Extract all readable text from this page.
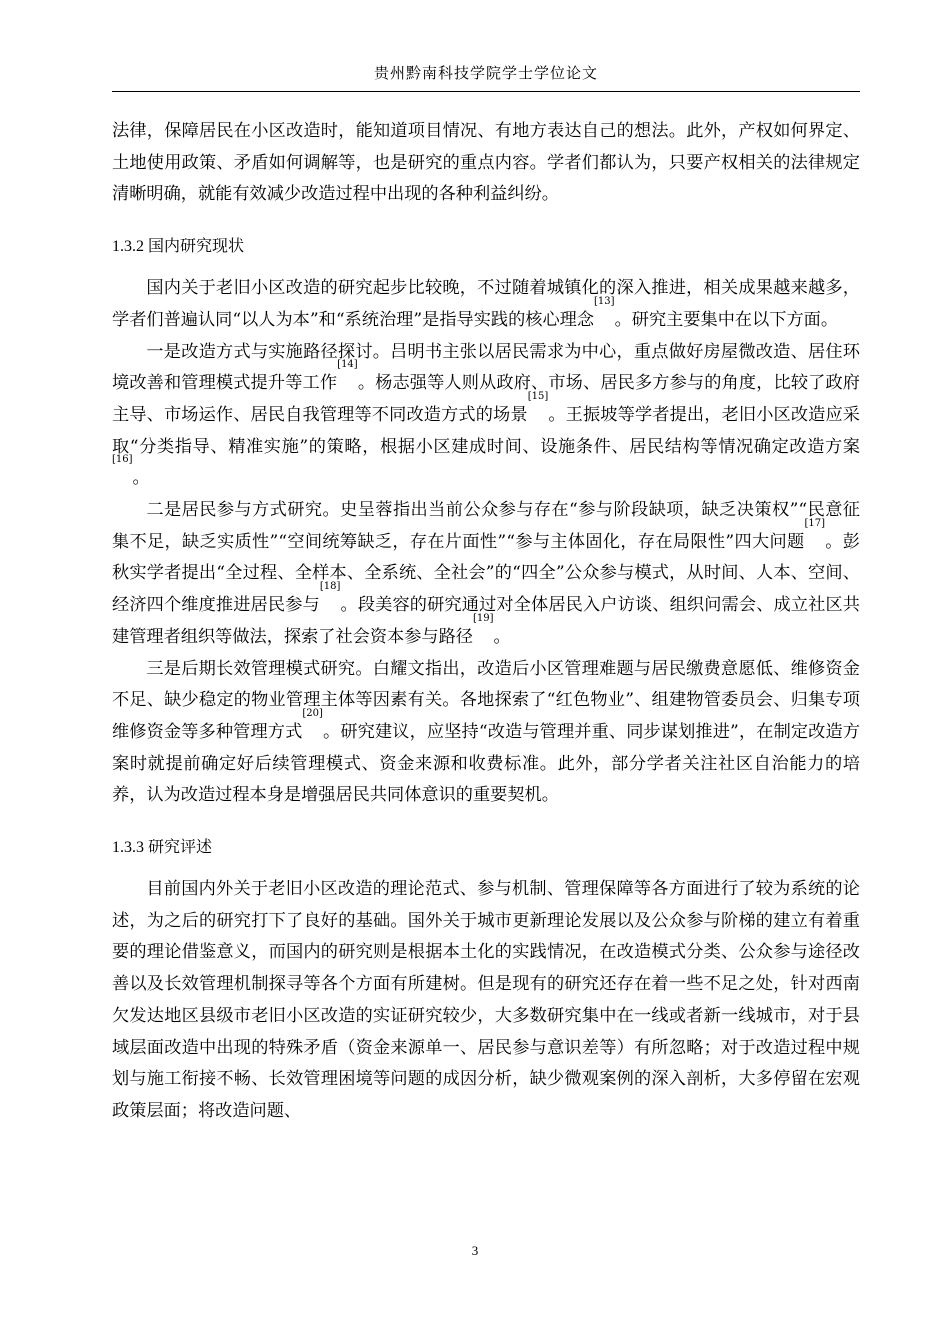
贵州黔南科技学院学士学位论文

法律，保障居民在小区改造时，能知道项目情况、有地方表达自己的想法。此外，产权如何界定、土地使用政策、矛盾如何调解等，也是研究的重点内容。学者们都认为，只要产权相关的法律规定清晰明确，就能有效减少改造过程中出现的各种利益纠纷。

1.3.2 国内研究现状

国内关于老旧小区改造的研究起步比较晚，不过随着城镇化的深入推进，相关成果越来越多，学者们普遍认同“以人为本”和“系统治理”是指导实践的核心理念[13]。研究主要集中在以下方面。

一是改造方式与实施路径探讨。吕明书主张以居民需求为中心，重点做好房屋微改造、居住环境改善和管理模式提升等工作[14]。杨志强等人则从政府、市场、居民多方参与的角度，比较了政府主导、市场运作、居民自我管理等不同改造方式的场景[15]。王振坡等学者提出，老旧小区改造应采取“分类指导、精准实施”的策略，根据小区建成时间、设施条件、居民结构等情况确定改造方案[16]。

二是居民参与方式研究。史呈蓉指出当前公众参与存在“参与阶段缺项，缺乏决策权”“民意征集不足，缺乏实质性”“空间统筹缺乏，存在片面性”“参与主体固化，存在局限性”四大问题[17]。彭秋实学者提出“全过程、全样本、全系统、全社会”的“四全”公众参与模式，从时间、人本、空间、经济四个维度推进居民参与[18]。段美容的研究通过对全体居民入户访谈、组织问需会、成立社区共建管理者组织等做法，探索了社会资本参与路径[19]。

三是后期长效管理模式研究。白耀文指出，改造后小区管理难题与居民缴费意愿低、维修资金不足、缺少稳定的物业管理主体等因素有关。各地探索了“红色物业”、组建物管委员会、归集专项维修资金等多种管理方式[20]。研究建议，应坚持“改造与管理并重、同步谋划推进”，在制定改造方案时就提前确定好后续管理模式、资金来源和收费标准。此外，部分学者关注社区自治能力的培养，认为改造过程本身是增强居民共同体意识的重要契机。

1.3.3 研究评述

目前国内外关于老旧小区改造的理论范式、参与机制、管理保障等各方面进行了较为系统的论述，为之后的研究打下了良好的基础。国外关于城市更新理论发展以及公众参与阶梯的建立有着重要的理论借鉴意义，而国内的研究则是根据本土化的实践情况，在改造模式分类、公众参与途径改善以及长效管理机制探寻等各个方面有所建树。但是现有的研究还存在着一些不足之处，针对西南欠发达地区县级市老旧小区改造的实证研究较少，大多数研究集中在一线或者新一线城市，对于县域层面改造中出现的特殊矛盾（资金来源单一、居民参与意识差等）有所忽略；对于改造过程中规划与施工衔接不畅、长效管理困境等问题的成因分析，缺少微观案例的深入剖析，大多停留在宏观政策层面；将改造问题、

3
